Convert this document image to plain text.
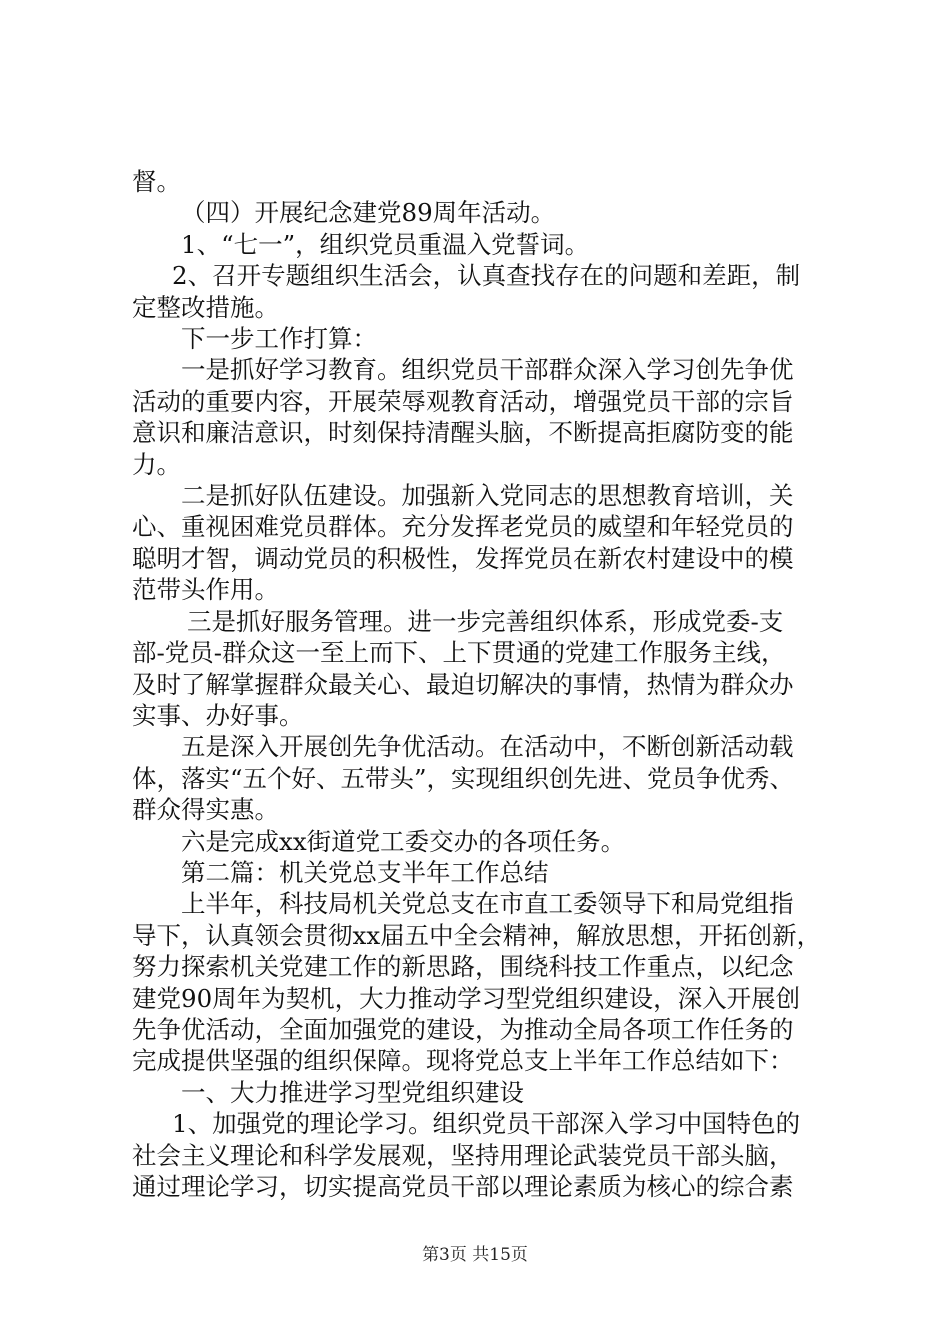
督。
（四）开展纪念建党89周年活动。
1、“七一”，组织党员重温入党誓词。
2、召开专题组织生活会，认真查找存在的问题和差距，制
定整改措施。
下一步工作打算：
一是抓好学习教育。组织党员干部群众深入学习创先争优
活动的重要内容，开展荣辱观教育活动，增强党员干部的宗旨
意识和廉洁意识，时刻保持清醒头脑，不断提高拒腐防变的能
力。
二是抓好队伍建设。加强新入党同志的思想教育培训，关
心、重视困难党员群体。充分发挥老党员的威望和年轻党员的
聪明才智，调动党员的积极性，发挥党员在新农村建设中的模
范带头作用。
三是抓好服务管理。进一步完善组织体系，形成党委-支
部-党员-群众这一至上而下、上下贯通的党建工作服务主线，
及时了解掌握群众最关心、最迫切解决的事情，热情为群众办
实事、办好事。
五是深入开展创先争优活动。在活动中，不断创新活动载
体，落实“五个好、五带头”，实现组织创先进、党员争优秀、
群众得实惠。
六是完成xx街道党工委交办的各项任务。
第二篇：机关党总支半年工作总结
上半年，科技局机关党总支在市直工委领导下和局党组指
导下，认真领会贯彻xx届五中全会精神，解放思想，开拓创新，
努力探索机关党建工作的新思路，围绕科技工作重点，以纪念
建党90周年为契机，大力推动学习型党组织建设，深入开展创
先争优活动，全面加强党的建设，为推动全局各项工作任务的
完成提供坚强的组织保障。现将党总支上半年工作总结如下：
一、大力推进学习型党组织建设
1、加强党的理论学习。组织党员干部深入学习中国特色的
社会主义理论和科学发展观，坚持用理论武装党员干部头脑，
通过理论学习，切实提高党员干部以理论素质为核心的综合素
第3页 共15页
